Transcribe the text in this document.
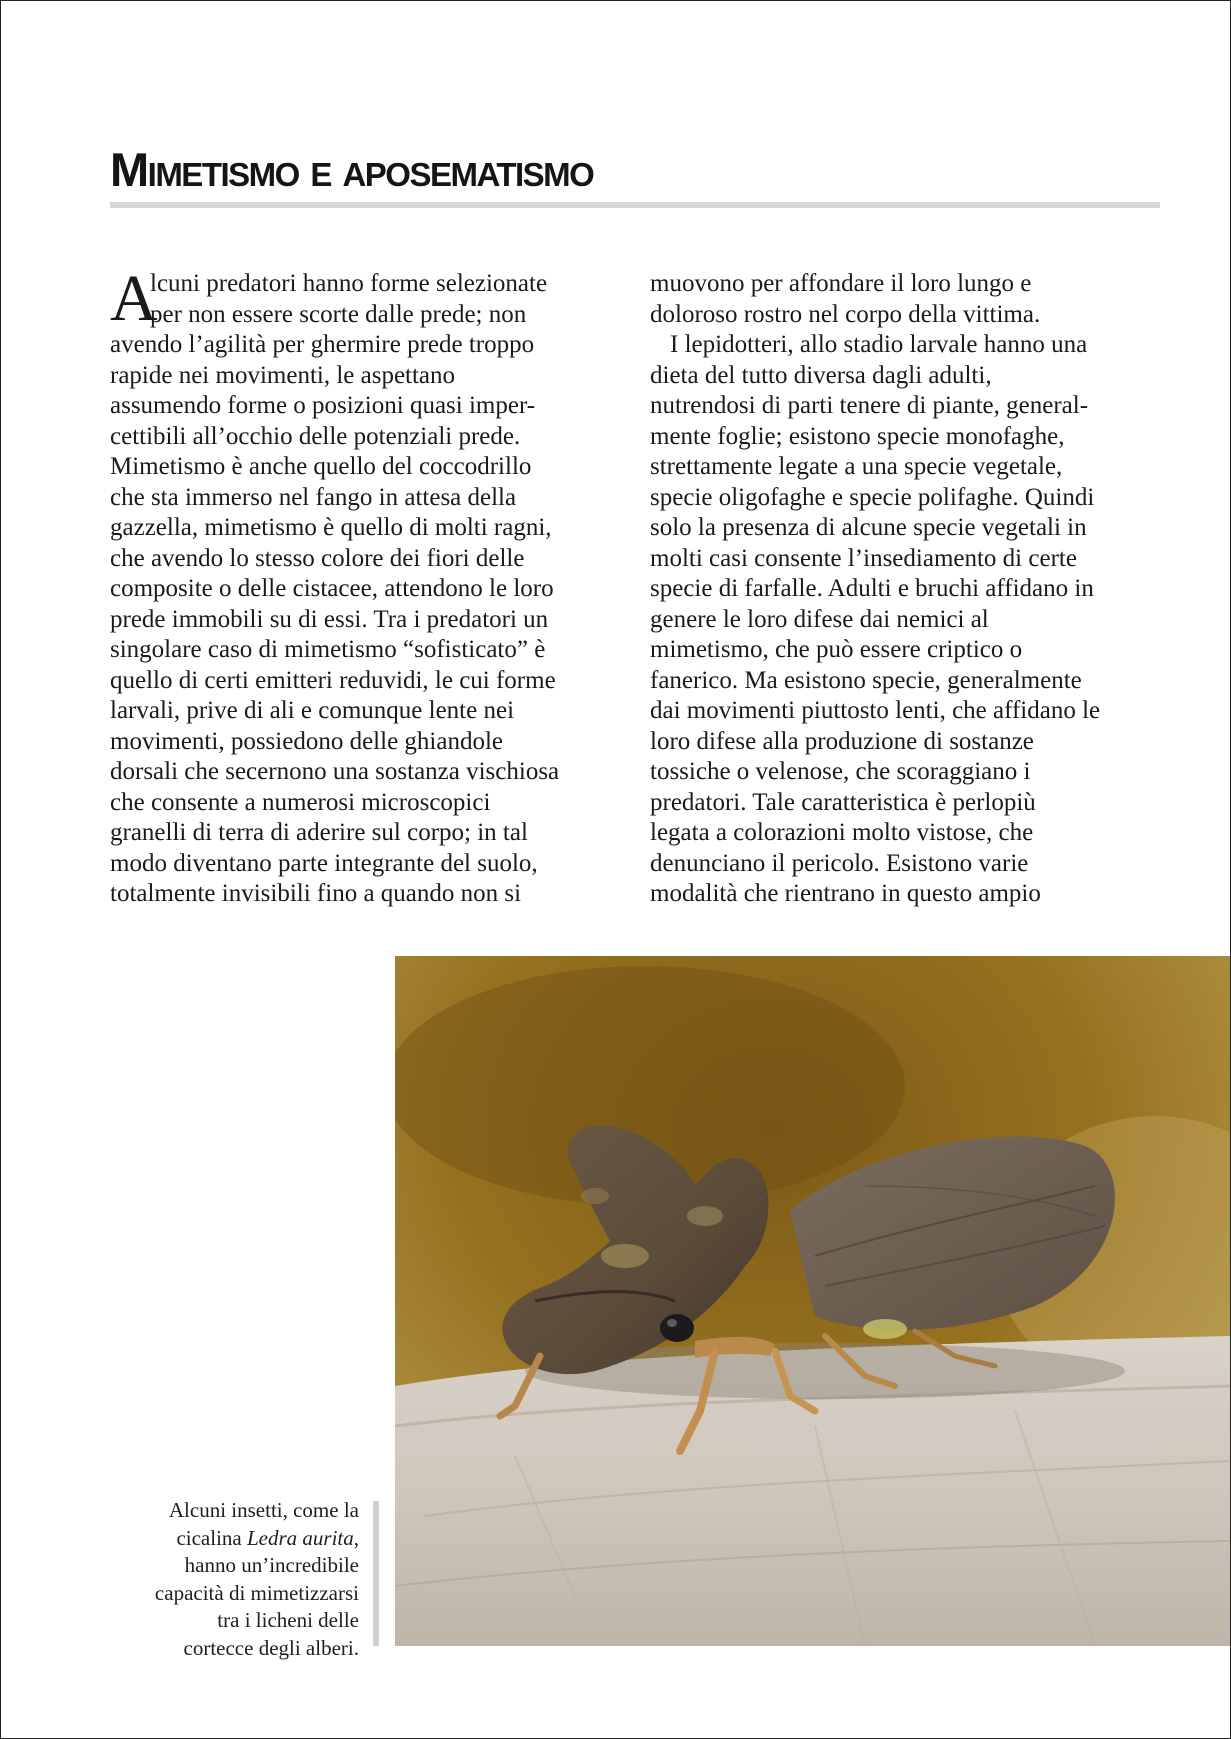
Mimetismo e aposematismo
A
lcuni predatori hanno forme selezionate
per non essere scorte dalle prede; non
avendo l’agilità per ghermire prede troppo
rapide nei movimenti, le aspettano
assumendo forme o posizioni quasi imper-
cettibili all’occhio delle potenziali prede.
Mimetismo è anche quello del coccodrillo
che sta immerso nel fango in attesa della
gazzella, mimetismo è quello di molti ragni,
che avendo lo stesso colore dei fiori delle
composite o delle cistacee, attendono le loro
prede immobili su di essi. Tra i predatori un
singolare caso di mimetismo “sofisticato” è
quello di certi emitteri reduvidi, le cui forme
larvali, prive di ali e comunque lente nei
movimenti, possiedono delle ghiandole
dorsali che secernono una sostanza vischiosa
che consente a numerosi microscopici
granelli di terra di aderire sul corpo; in tal
modo diventano parte integrante del suolo,
totalmente invisibili fino a quando non si
muovono per affondare il loro lungo e
doloroso rostro nel corpo della vittima.
I lepidotteri, allo stadio larvale hanno una
dieta del tutto diversa dagli adulti,
nutrendosi di parti tenere di piante, general-
mente foglie; esistono specie monofaghe,
strettamente legate a una specie vegetale,
specie oligofaghe e specie polifaghe. Quindi
solo la presenza di alcune specie vegetali in
molti casi consente l’insediamento di certe
specie di farfalle. Adulti e bruchi affidano in
genere le loro difese dai nemici al
mimetismo, che può essere criptico o
fanerico. Ma esistono specie, generalmente
dai movimenti piuttosto lenti, che affidano le
loro difese alla produzione di sostanze
tossiche o velenose, che scoraggiano i
predatori. Tale caratteristica è perlopiù
legata a colorazioni molto vistose, che
denunciano il pericolo. Esistono varie
modalità che rientrano in questo ampio
Alcuni insetti, come la
cicalina Ledra aurita,
hanno un’incredibile
capacità di mimetizzarsi
tra i licheni delle
cortecce degli alberi.
